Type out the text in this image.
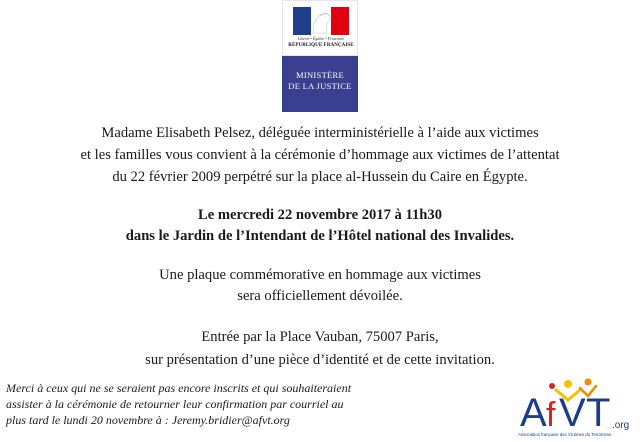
Liberté • Égalité • Fraternité
RÉPUBLIQUE FRANÇAISE
MINISTÈRE
DE LA JUSTICE
Madame Elisabeth Pelsez, déléguée interministérielle à l’aide aux victimes
et les familles vous convient à la cérémonie d’hommage aux victimes de l’attentat
du 22 février 2009 perpétré sur la place al-Hussein du Caire en Égypte.
Le mercredi 22 novembre 2017 à 11h30
dans le Jardin de l’Intendant de l’Hôtel national des Invalides.
Une plaque commémorative en hommage aux victimes
sera officiellement dévoilée.
Entrée par la Place Vauban, 75007 Paris,
sur présentation d’une pièce d’identité et de cette invitation.
Merci à ceux qui ne se seraient pas encore inscrits et qui souhaiteraient
assister à la cérémonie de retourner leur confirmation par courriel au
plus tard le lundi 20 novembre à : Jeremy.bridier@afvt.org	A f V T .org
Association française des Victimes du Terrorisme
